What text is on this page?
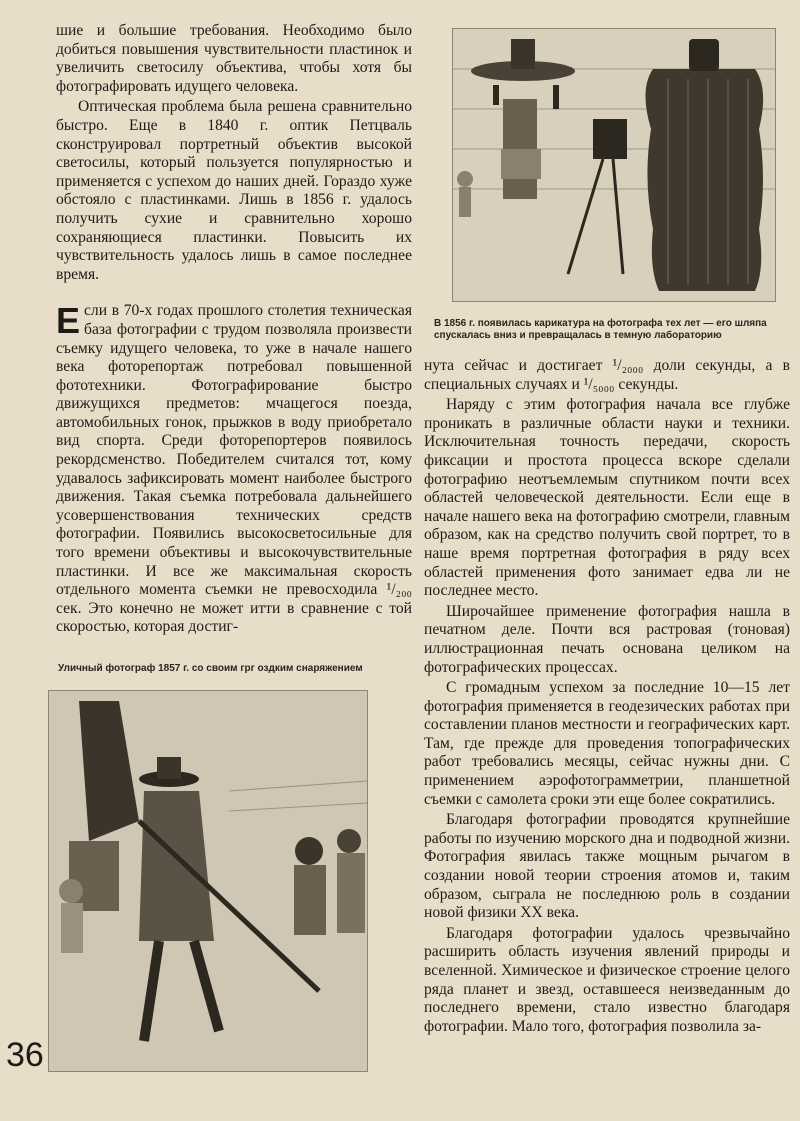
шие и большие требования. Необходимо было добиться повышения чувствительности пластинок и увеличить светосилу объектива, чтобы хотя бы фотографировать идущего человека.

Оптическая проблема была решена сравнительно быстро. Еще в 1840 г. оптик Петцваль сконструировал портретный объектив высокой светосилы, который пользуется популярностью и применяется с успехом до наших дней. Гораздо хуже обстояло с пластинками. Лишь в 1856 г. удалось получить сухие и сравнительно хорошо сохраняющиеся пластинки. Повысить их чувствительность удалось лишь в самое последнее время.

Если в 70-х годах прошлого столетия техническая база фотографии с трудом позволяла произвести съемку идущего человека, то уже в начале нашего века фоторепортаж потребовал повышенной фототехники. Фотографирование быстро движущихся предметов: мчащегося поезда, автомобильных гонок, прыжков в воду приобретало вид спорта. Среди фоторепортеров появилось рекордсменство. Победителем считался тот, кому удавалось зафиксировать момент наиболее быстрого движения. Такая съемка потребовала дальнейшего усовершенствования технических средств фотографии. Появились высокосветосильные для того времени объективы и высокочувствительные пластинки. И все же максимальная скорость отдельного момента съемки не превосходила ¹/₂₀₀ сек. Это конечно не может итти в сравнение с той скоростью, которая достиг-

В 1856 г. появилась карикатура на фотографа тех лет — его шляпа спускалась вниз и превращалась в темную лабораторию
Уличный фотограф 1857 г. со своим грг оздким снаряжением
36

нута сейчас и достигает ¹/₂₀₀₀ доли секунды, а в специальных случаях и ¹/₅₀₀₀ секунды.

Наряду с этим фотография начала все глубже проникать в различные области науки и техники. Исключительная точность передачи, скорость фиксации и простота процесса вскоре сделали фотографию неотъемлемым спутником почти всех областей человеческой деятельности. Если еще в начале нашего века на фотографию смотрели, главным образом, как на средство получить свой портрет, то в наше время портретная фотография в ряду всех областей применения фото занимает едва ли не последнее место.

Широчайшее применение фотография нашла в печатном деле. Почти вся растровая (тоновая) иллюстрационная печать основана целиком на фотографических процессах.

С громадным успехом за последние 10—15 лет фотография применяется в геодезических работах при составлении планов местности и географических карт. Там, где прежде для проведения топографических работ требовались месяцы, сейчас нужны дни. С применением аэрофотограмметрии, планшетной съемки с самолета сроки эти еще более сократились.

Благодаря фотографии проводятся крупнейшие работы по изучению морского дна и подводной жизни. Фотография явилась также мощным рычагом в создании новой теории строения атомов и, таким образом, сыграла не последнюю роль в создании новой физики XX века.

Благодаря фотографии удалось чрезвычайно расширить область изучения явлений природы и вселенной. Химическое и физическое строение целого ряда планет и звезд, оставшееся неизведанным до последнего времени, стало известно благодаря фотографии. Мало того, фотография позволила за-
